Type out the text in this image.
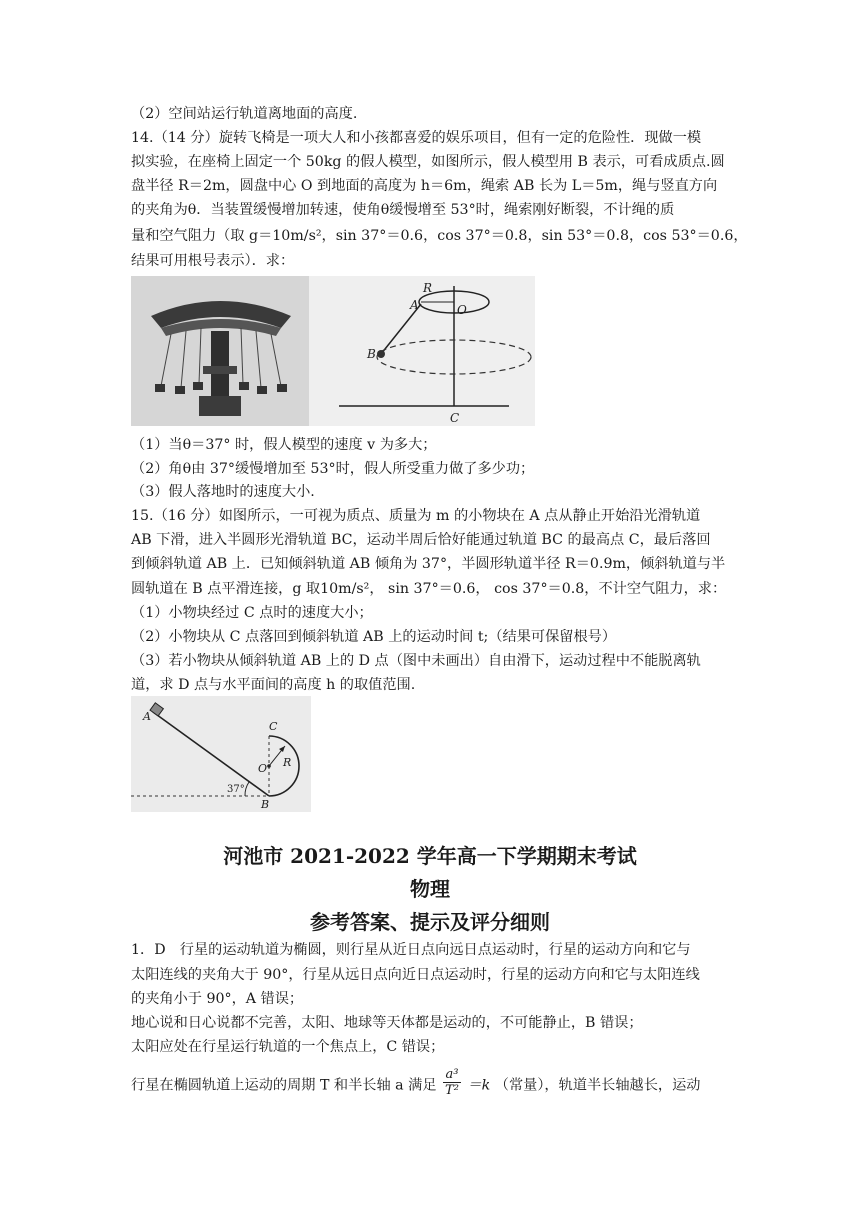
（2）空间站运行轨道离地面的高度.
14.（14 分）旋转飞椅是一项大人和小孩都喜爱的娱乐项目，但有一定的危险性．现做一模
拟实验，在座椅上固定一个 50kg 的假人模型，如图所示，假人模型用 B 表示，可看成质点.圆
盘半径 R＝2m，圆盘中心 O 到地面的高度为 h＝6m，绳索 AB 长为 L＝5m，绳与竖直方向
的夹角为θ．当装置缓慢增加转速，使角θ缓慢增至 53°时，绳索刚好断裂，不计绳的质
量和空气阻力（取 g＝10m/s²，sin 37°＝0.6，cos 37°＝0.8，sin 53°＝0.8，cos 53°＝0.6，
结果可用根号表示）．求：
R
A	O
B
C
（1）当θ＝37° 时，假人模型的速度 v 为多大；
（2）角θ由 37°缓慢增加至 53°时，假人所受重力做了多少功；
（3）假人落地时的速度大小.
15.（16 分）如图所示，一可视为质点、质量为 m 的小物块在 A 点从静止开始沿光滑轨道
AB 下滑，进入半圆形光滑轨道 BC，运动半周后恰好能通过轨道 BC 的最高点 C，最后落回
到倾斜轨道 AB 上．已知倾斜轨道 AB 倾角为 37°，半圆形轨道半径 R＝0.9m，倾斜轨道与半
圆轨道在 B 点平滑连接，g 取10m/s²， sin 37°＝0.6， cos 37°＝0.8，不计空气阻力，求：
（1）小物块经过 C 点时的速度大小；
（2）小物块从 C 点落回到倾斜轨道 AB 上的运动时间 t;（结果可保留根号）
（3）若小物块从倾斜轨道 AB 上的 D 点（图中未画出）自由滑下，运动过程中不能脱离轨
道，求 D 点与水平面间的高度 h 的取值范围.
A
C
O R
37°
B
河池市 2021-2022 学年高一下学期期末考试
物理
参考答案、提示及评分细则
1．D　行星的运动轨道为椭圆，则行星从近日点向远日点运动时，行星的运动方向和它与
太阳连线的夹角大于 90°，行星从远日点向近日点运动时，行星的运动方向和它与太阳连线
的夹角小于 90°，A 错误；
地心说和日心说都不完善，太阳、地球等天体都是运动的，不可能静止，B 错误；
太阳应处在行星运行轨道的一个焦点上，C 错误；
行星在椭圆轨道上运动的周期 T 和半长轴 a 满足 $\frac{\text{a³}}{\text{T²}} =k$ （常量），轨道半长轴越长，运动
